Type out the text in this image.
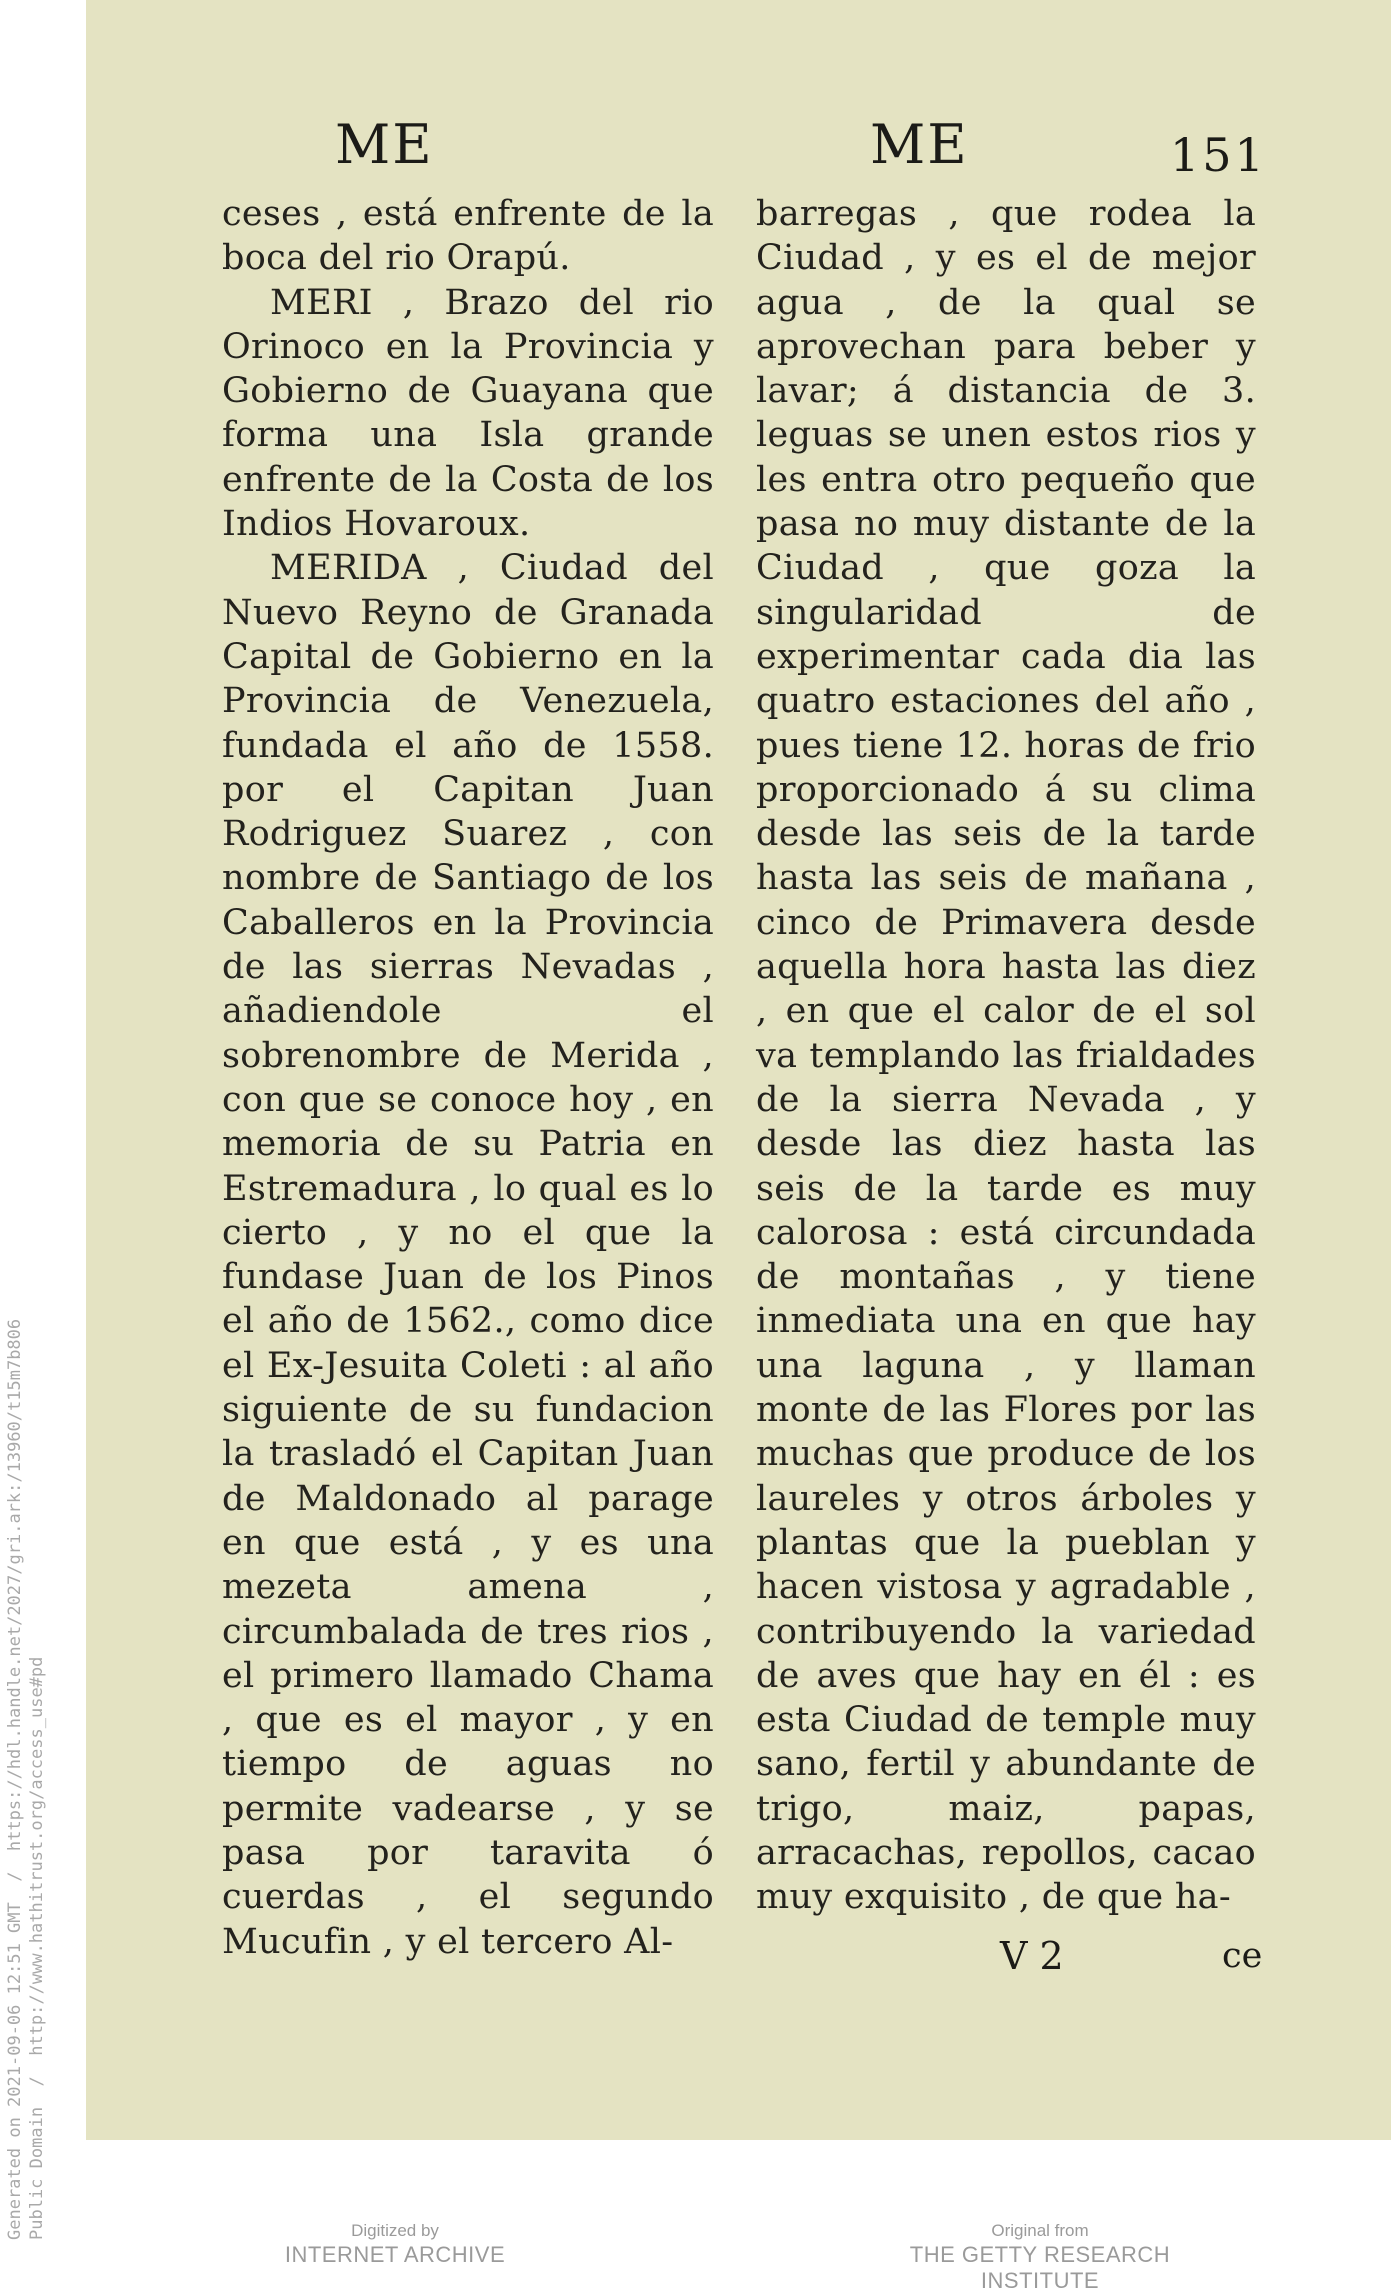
ME	ME	151

ceses , está enfrente de la boca del rio Orapú.

MERI , Brazo del rio Orinoco en la Provincia y Gobierno de Guayana que forma una Isla grande enfrente de la Costa de los Indios Hovaroux.

MERIDA , Ciudad del Nuevo Reyno de Granada Capital de Gobierno en la Provincia de Venezuela, fundada el año de 1558. por el Capitan Juan Rodriguez Suarez , con nombre de Santiago de los Caballeros en la Provincia de las sierras Nevadas , añadiendole el sobrenombre de Merida , con que se conoce hoy , en memoria de su Patria en Estremadura , lo qual es lo cierto , y no el que la fundase Juan de los Pinos el año de 1562., como dice el Ex-Jesuita Coleti : al año siguiente de su fundacion la trasladó el Capitan Juan de Maldonado al parage en que está , y es una mezeta amena , circumbalada de tres rios , el primero llamado Chama , que es el mayor , y en tiempo de aguas no permite vadearse , y se pasa por taravita ó cuerdas , el segundo Mucufin , y el tercero Al-

barregas , que rodea la Ciudad , y es el de mejor agua , de la qual se aprovechan para beber y lavar; á distancia de 3. leguas se unen estos rios y les entra otro pequeño que pasa no muy distante de la Ciudad , que goza la singularidad de experimentar cada dia las quatro estaciones del año , pues tiene 12. horas de frio proporcionado á su clima desde las seis de la tarde hasta las seis de mañana , cinco de Primavera desde aquella hora hasta las diez , en que el calor de el sol va templando las frialdades de la sierra Nevada , y desde las diez hasta las seis de la tarde es muy calorosa : está circundada de montañas , y tiene inmediata una en que hay una laguna , y llaman monte de las Flores por las muchas que produce de los laureles y otros árboles y plantas que la pueblan y hacen vistosa y agradable , contribuyendo la variedad de aves que hay en él : es esta Ciudad de temple muy sano, fertil y abundante de trigo, maiz, papas, arracachas, repollos, cacao muy exquisito , de que ha-

V 2	ce
Generated on 2021-09-06 12:51 GMT  /  https://hdl.handle.net/2027/gri.ark:/13960/t15m7b806 Public Domain  /  http://www.hathitrust.org/access_use#pd	Digitized by
INTERNET ARCHIVE
Original from
THE GETTY RESEARCH INSTITUTE
